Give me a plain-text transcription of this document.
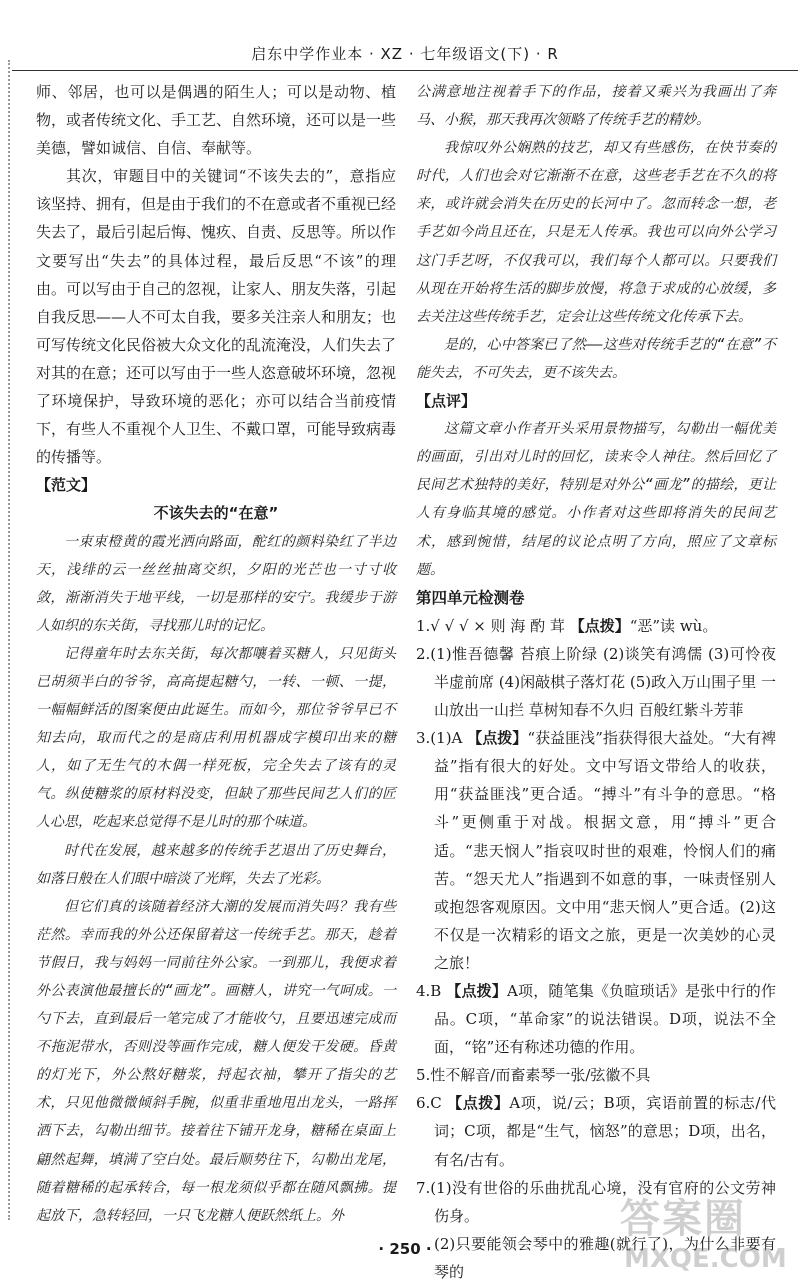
启东中学作业本 · XZ · 七年级语文(下) · R

师、邻居，也可以是偶遇的陌生人；可以是动物、植物，或者传统文化、手工艺、自然环境，还可以是一些美德，譬如诚信、自信、奉献等。

其次，审题目中的关键词“不该失去的”，意指应该坚持、拥有，但是由于我们的不在意或者不重视已经失去了，最后引起后悔、愧疚、自责、反思等。所以作文要写出“失去”的具体过程，最后反思“不该”的理由。可以写由于自己的忽视，让家人、朋友失落，引起自我反思——人不可太自我，要多关注亲人和朋友；也可写传统文化民俗被大众文化的乱流淹没，人们失去了对其的在意；还可以写由于一些人恣意破坏环境，忽视了环境保护，导致环境的恶化；亦可以结合当前疫情下，有些人不重视个人卫生、不戴口罩，可能导致病毒的传播等。

【范文】

不该失去的“在意”

一束束橙黄的霞光洒向路面，酡红的颜料染红了半边天，浅绯的云一丝丝抽离交织，夕阳的光芒也一寸寸收敛，渐渐消失于地平线，一切是那样的安宁。我缓步于游人如织的东关街，寻找那儿时的记忆。

记得童年时去东关街，每次都嚷着买糖人，只见街头已胡须半白的爷爷，高高提起糖勺，一转、一顿、一提，一幅幅鲜活的图案便由此诞生。而如今，那位爷爷早已不知去向，取而代之的是商店利用机器成字模印出来的糖人，如了无生气的木偶一样死板，完全失去了该有的灵气。纵使糖浆的原材料没变，但缺了那些民间艺人们的匠人心思，吃起来总觉得不是儿时的那个味道。

时代在发展，越来越多的传统手艺退出了历史舞台，如落日般在人们眼中暗淡了光辉，失去了光彩。

但它们真的该随着经济大潮的发展而消失吗？我有些茫然。幸而我的外公还保留着这一传统手艺。那天，趁着节假日，我与妈妈一同前往外公家。一到那儿，我便求着外公表演他最擅长的“画龙”。画糖人，讲究一气呵成。一勺下去，直到最后一笔完成了才能收勺，且要迅速完成而不拖泥带水，否则没等画作完成，糖人便发干发硬。昏黄的灯光下，外公熬好糖浆，捋起衣袖，攀开了指尖的艺术，只见他微微倾斜手腕，似重非重地甩出龙头，一路挥洒下去，勾勒出细节。接着往下铺开龙身，糖稀在桌面上翩然起舞，填满了空白处。最后顺势往下，勾勒出龙尾，随着糖稀的起承转合，每一根龙须似乎都在随风飘拂。提起放下，急转轻回，一只飞龙糖人便跃然纸上。外

公满意地注视着手下的作品，接着又乘兴为我画出了奔马、小猴，那天我再次领略了传统手艺的精妙。

我惊叹外公娴熟的技艺，却又有些感伤，在快节奏的时代，人们也会对它渐渐不在意，这些老手艺在不久的将来，或许就会消失在历史的长河中了。忽而转念一想，老手艺如今尚且还在，只是无人传承。我也可以向外公学习这门手艺呀，不仅我可以，我们每个人都可以。只要我们从现在开始将生活的脚步放慢，将急于求成的心放缓，多去关注这些传统手艺，定会让这些传统文化传承下去。

是的，心中答案已了然——这些对传统手艺的“在意”不能失去，不可失去，更不该失去。

【点评】

这篇文章小作者开头采用景物描写，勾勒出一幅优美的画面，引出对儿时的回忆，读来令人神往。然后回忆了民间艺术独特的美好，特别是对外公“画龙”的描绘，更让人有身临其境的感觉。小作者对这些即将消失的民间艺术，感到惋惜，结尾的议论点明了方向，照应了文章标题。

第四单元检测卷

1.√ √ √ × 则 海 酌 茸 【点拨】“恶”读 wù。

2.(1)惟吾德馨 苔痕上阶绿 (2)谈笑有鸿儒 (3)可怜夜半虚前席 (4)闲敲棋子落灯花 (5)政入万山围子里 一山放出一山拦 草树知春不久归 百般红紫斗芳菲

3.(1)A 【点拨】“获益匪浅”指获得很大益处。“大有裨益”指有很大的好处。文中写语文带给人的收获，用“获益匪浅”更合适。“搏斗”有斗争的意思。“格斗”更侧重于对战。根据文意，用“搏斗”更合适。“悲天悯人”指哀叹时世的艰难，怜悯人们的痛苦。“怨天尤人”指遇到不如意的事，一味责怪别人或抱怨客观原因。文中用“悲天悯人”更合适。(2)这不仅是一次精彩的语文之旅，更是一次美妙的心灵之旅！

4.B 【点拨】A项，随笔集《负暄琐话》是张中行的作品。C项，“革命家”的说法错误。D项，说法不全面，“铭”还有称述功德的作用。

5.性不解音/而畜素琴一张/弦徽不具

6.C 【点拨】A项，说/云；B项，宾语前置的标志/代词；C项，都是“生气，恼怒”的意思；D项，出名，有名/古有。

7.(1)没有世俗的乐曲扰乱心境，没有官府的公文劳神伤身。

(2)只要能领会琴中的雅趣(就行了)，为什么非要有琴的

· 250 ·
答案圈
MXQE.COM
